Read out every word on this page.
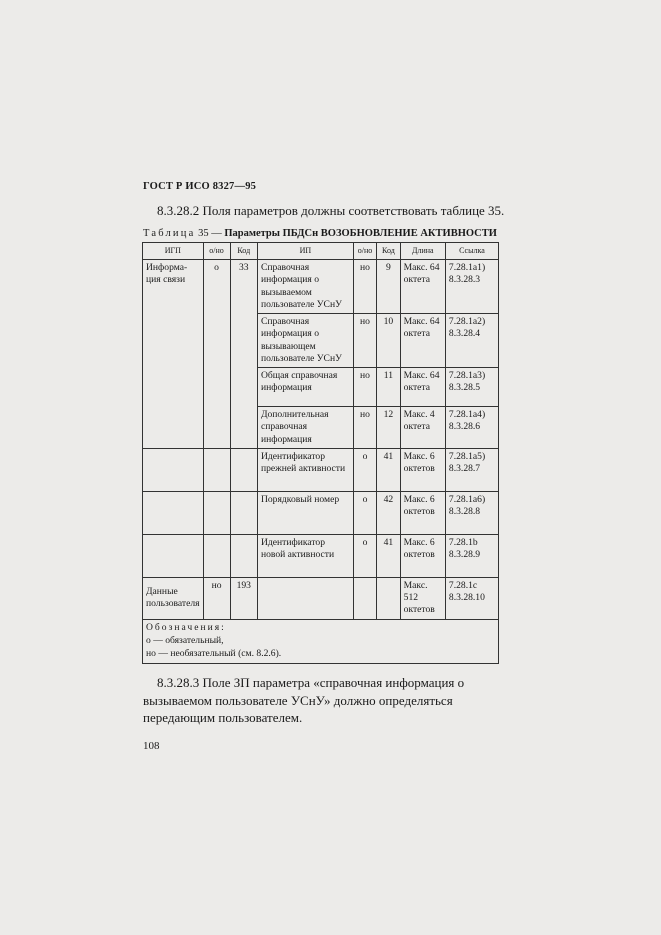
ГОСТ Р ИСО 8327—95
8.3.28.2 Поля параметров должны соответствовать таблице 35.
Таблица 35 — Параметры ПБДСн ВОЗОБНОВЛЕНИЕ АКТИВНОСТИ
ИГП	о/но	Код	ИП	о/но	Код	Длина	Ссылка
Информа-ция связи	о	33	Справочная информация о вызываемом пользователе УСнУ	но	9	Макс. 64 октета	7.28.1а1) 8.3.28.3
			Справочная информация о вызывающем пользователе УСнУ	но	10	Макс. 64 октета	7.28.1а2) 8.3.28.4
			Общая справочная информация	но	11	Макс. 64 октета	7.28.1а3) 8.3.28.5
			Дополнительная справочная информация	но	12	Макс. 4 октета	7.28.1а4) 8.3.28.6
			Идентификатор прежней активности	о	41	Макс. 6 октетов	7.28.1а5) 8.3.28.7
			Порядковый номер	о	42	Макс. 6 октетов	7.28.1а6) 8.3.28.8
			Идентификатор новой активности	о	41	Макс. 6 октетов	7.28.1b 8.3.28.9
Данные пользователя	но	193				Макс. 512 октетов	7.28.1с 8.3.28.10

Обозначения:
о — обязательный,
но — необязательный (см. 8.2.6).							
8.3.28.3 Поле ЗП параметра «справочная информация о вызываемом пользователе УСнУ» должно определяться передающим пользователем.
108
